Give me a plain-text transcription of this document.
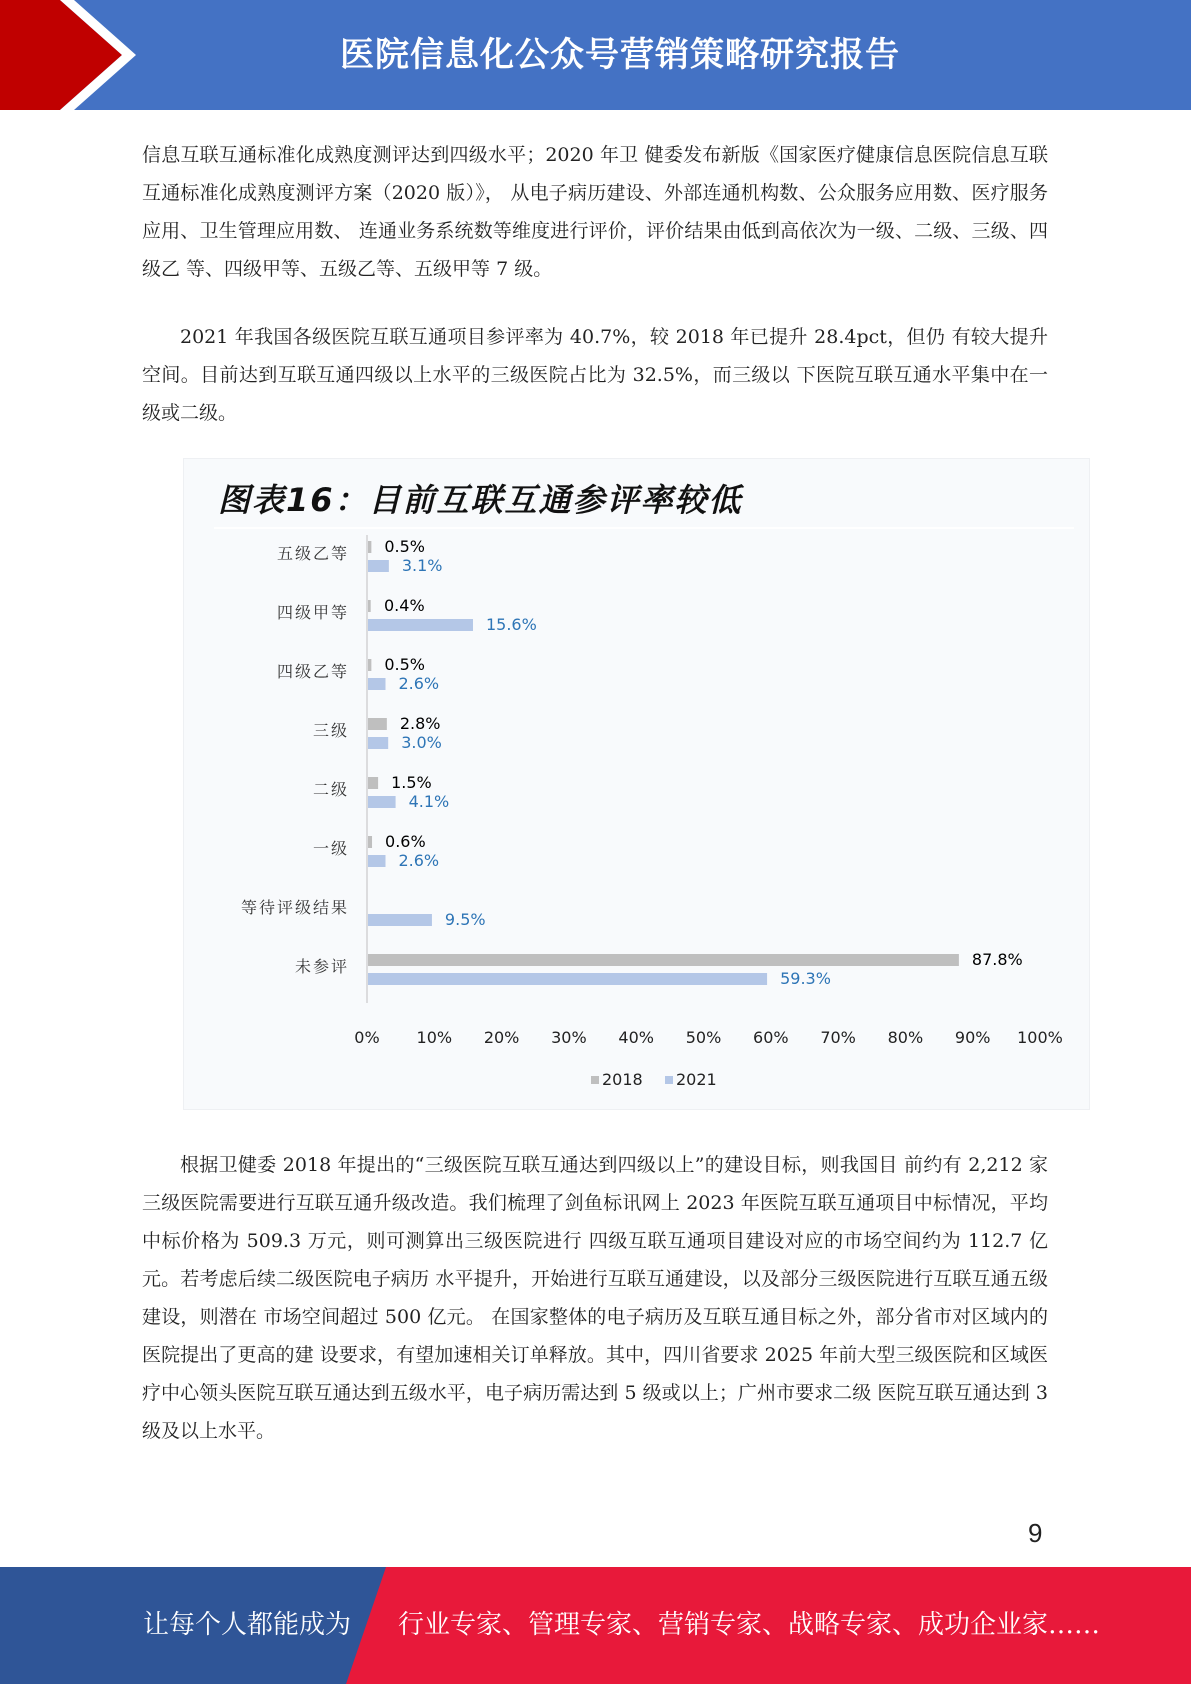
医院信息化公众号营销策略研究报告

信息互联互通标准化成熟度测评达到四级水平；2020 年卫 健委发布新版《国家医疗健康信息医院信息互联互通标准化成熟度测评方案（2020 版）》， 从电子病历建设、外部连通机构数、公众服务应用数、医疗服务应用、卫生管理应用数、 连通业务系统数等维度进行评价，评价结果由低到高依次为一级、二级、三级、四级乙 等、四级甲等、五级乙等、五级甲等 7 级。

2021 年我国各级医院互联互通项目参评率为 40.7%，较 2018 年已提升 28.4pct，但仍 有较大提升空间。目前达到互联互通四级以上水平的三级医院占比为 32.5%，而三级以 下医院互联互通水平集中在一级或二级。

图表16：目前互联互通参评率较低
五级乙等 0.5%
3.1%
四级甲等 0.4%
15.6%
四级乙等 0.5%
2.6%
三级	2.8%
3.0%
二级	1.5%
4.1%
一级 0.6%
2.6%
等待评级结果
9.5%
未参评	87.8%
59.3%
0% 10% 20% 30% 40% 50% 60% 70% 80% 90% 100%
2018 2021

根据卫健委 2018 年提出的“三级医院互联互通达到四级以上”的建设目标，则我国目 前约有 2,212 家三级医院需要进行互联互通升级改造。我们梳理了剑鱼标讯网上 2023 年医院互联互通项目中标情况，平均中标价格为 509.3 万元，则可测算出三级医院进行 四级互联互通项目建设对应的市场空间约为 112.7 亿元。若考虑后续二级医院电子病历 水平提升，开始进行互联互通建设，以及部分三级医院进行互联互通五级建设，则潜在 市场空间超过 500 亿元。 在国家整体的电子病历及互联互通目标之外，部分省市对区域内的医院提出了更高的建 设要求，有望加速相关订单释放。其中，四川省要求 2025 年前大型三级医院和区域医 疗中心领头医院互联互通达到五级水平，电子病历需达到 5 级或以上；广州市要求二级 医院互联互通达到 3 级及以上水平。

9
让每个人都能成为 行业专家、管理专家、营销专家、战略专家、成功企业家……
